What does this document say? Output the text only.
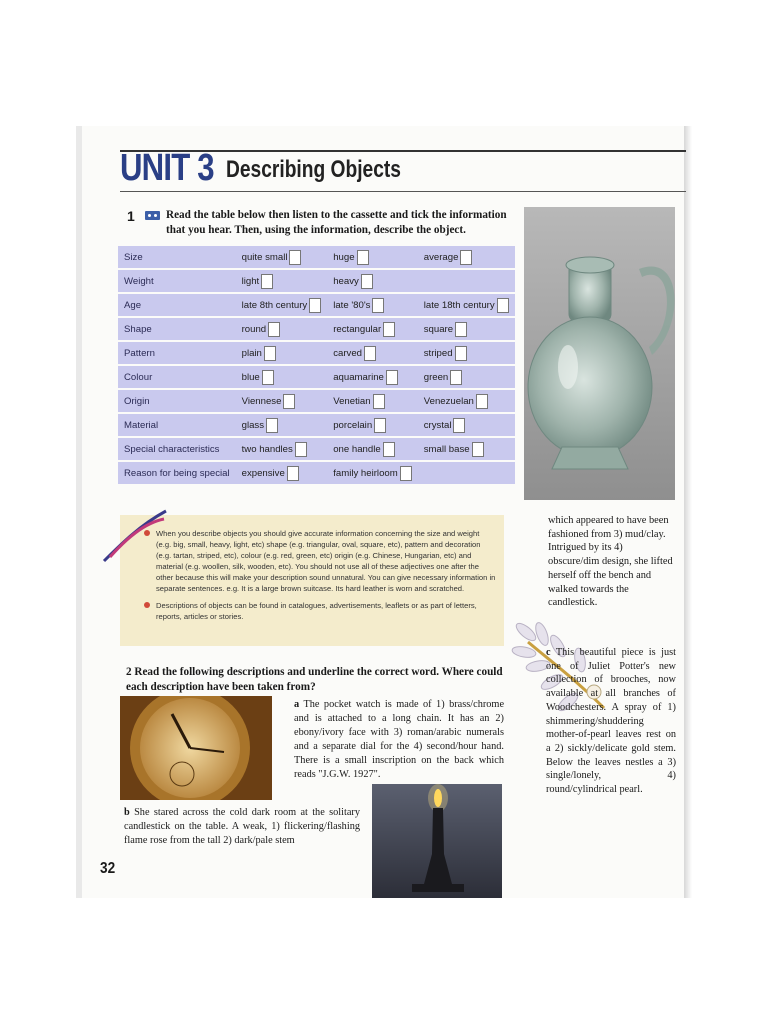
UNIT 3 Describing Objects
1	Read the table below then listen to the cassette and tick the information that you hear. Then, using the information, describe the object.
Size	quite small	huge	average
Weight	light	heavy	
Age	late 8th century	late '80's	late 18th century
Shape	round	rectangular	square
Pattern	plain	carved	striped
Colour	blue	aquamarine	green
Origin	Viennese	Venetian	Venezuelan
Material	glass	porcelain	crystal
Special characteristics	two handles	one handle	small base
Reason for being special	expensive	family heirloom	
When you describe objects you should give accurate information concerning the size and weight (e.g. big, small, heavy, light, etc) shape (e.g. triangular, oval, square, etc), pattern and decoration (e.g. tartan, striped, etc), colour (e.g. red, green, etc) origin (e.g. Chinese, Hungarian, etc) and material (e.g. woollen, silk, wooden, etc). You should not use all of these adjectives one after the other because this will make your description sound unnatural. You can give necessary information in separate sentences. e.g. It is a large brown suitcase. Its hard leather is worn and scratched.
Descriptions of objects can be found in catalogues, advertisements, leaflets or as part of letters, reports, articles or stories.
which appeared to have been fashioned from 3) mud/clay. Intrigued by its 4) obscure/dim design, she lifted herself off the bench and walked towards the candlestick.
c This beautiful piece is just one of Juliet Potter's new collection of brooches, now available at all branches of Woodchesters. A spray of 1) shimmering/shuddering mother-of-pearl leaves rest on a 2) sickly/delicate gold stem. Below the leaves nestles a 3) single/lonely, 4) round/cylindrical pearl.
2 Read the following descriptions and underline the correct word. Where could each description have been taken from?
a The pocket watch is made of 1) brass/chrome and is attached to a long chain. It has an 2) ebony/ivory face with 3) roman/arabic numerals and a separate dial for the 4) second/hour hand. There is a small inscription on the back which reads "J.G.W. 1927".
b She stared across the cold dark room at the solitary candlestick on the table. A weak, 1) flickering/flashing flame rose from the tall 2) dark/pale stem
32
